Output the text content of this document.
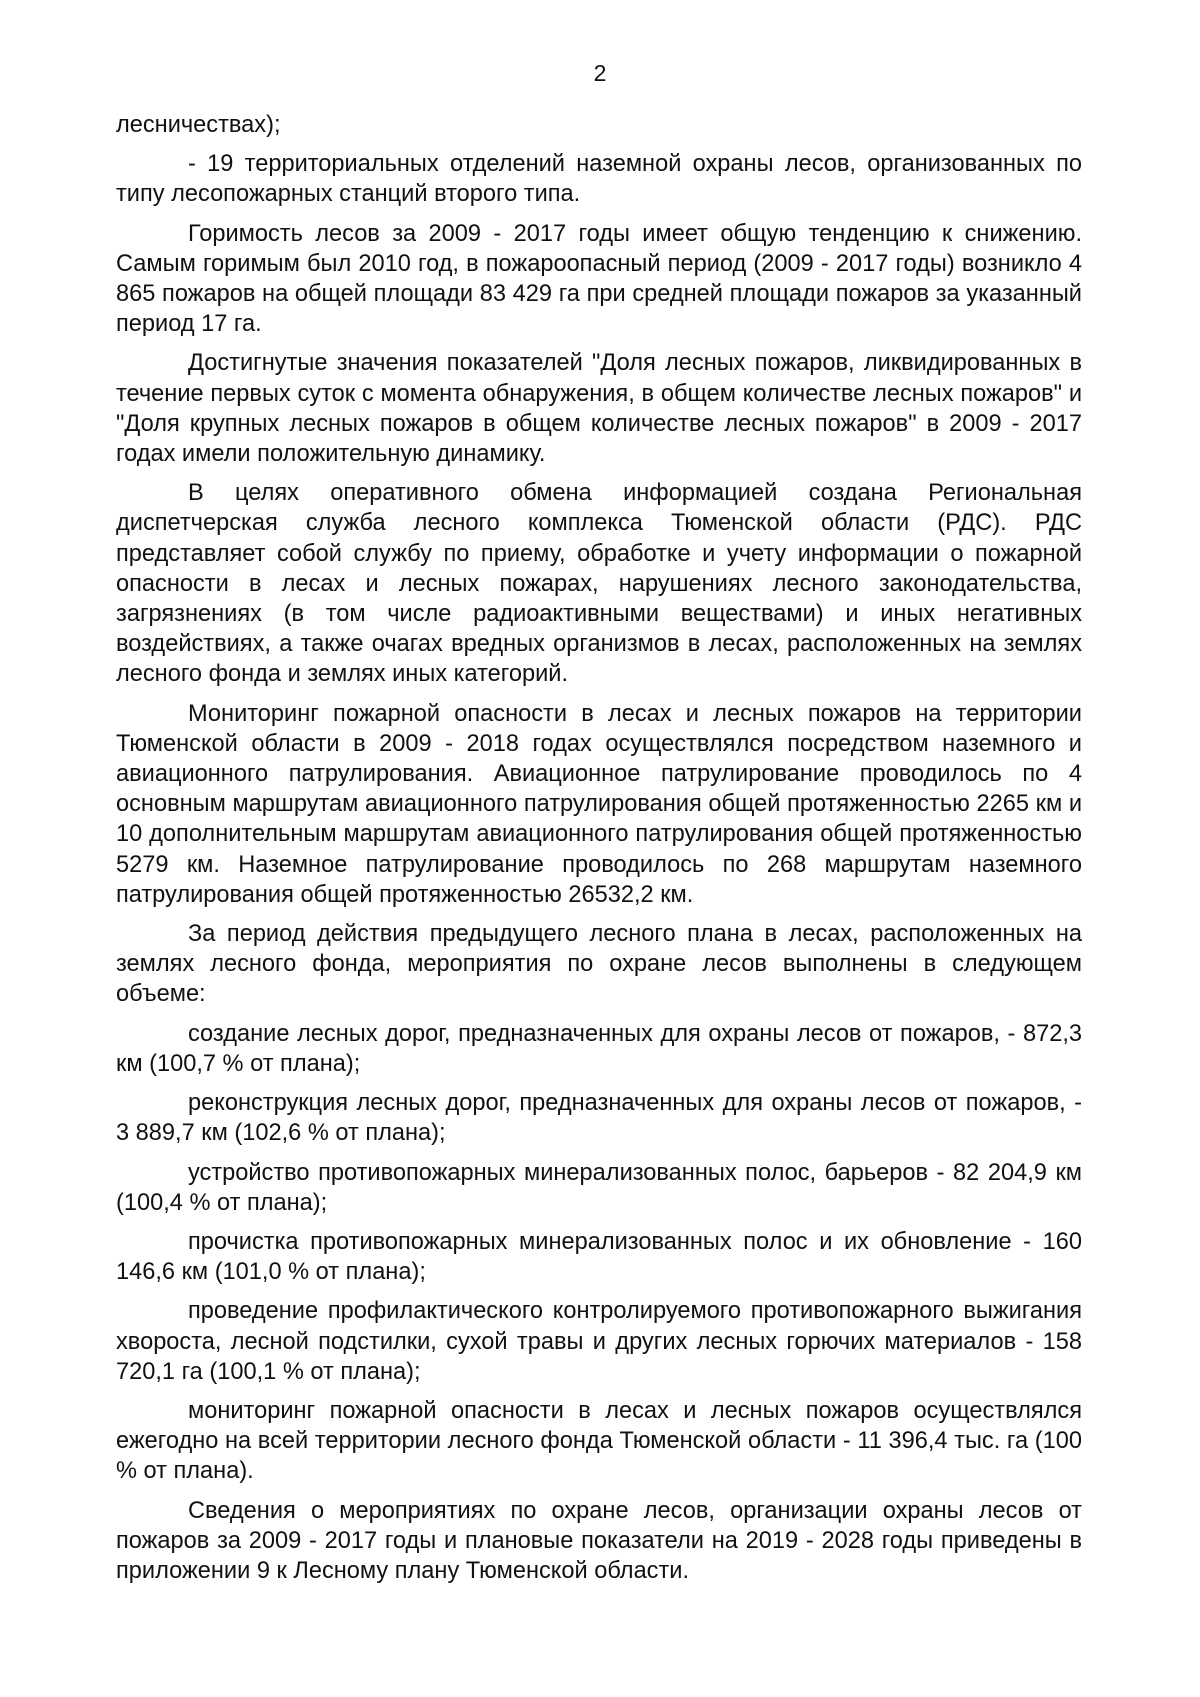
2

лесничествах);

- 19 территориальных отделений наземной охраны лесов, организованных по типу лесопожарных станций второго типа.

Горимость лесов за 2009 - 2017 годы имеет общую тенденцию к снижению. Самым горимым был 2010 год, в пожароопасный период (2009 - 2017 годы) возникло 4 865 пожаров на общей площади 83 429 га при средней площади пожаров за указанный период 17 га.

Достигнутые значения показателей "Доля лесных пожаров, ликвидированных в течение первых суток с момента обнаружения, в общем количестве лесных пожаров" и "Доля крупных лесных пожаров в общем количестве лесных пожаров" в 2009 - 2017 годах имели положительную динамику.

В целях оперативного обмена информацией создана Региональная диспетчерская служба лесного комплекса Тюменской области (РДС). РДС представляет собой службу по приему, обработке и учету информации о пожарной опасности в лесах и лесных пожарах, нарушениях лесного законодательства, загрязнениях (в том числе радиоактивными веществами) и иных негативных воздействиях, а также очагах вредных организмов в лесах, расположенных на землях лесного фонда и землях иных категорий.

Мониторинг пожарной опасности в лесах и лесных пожаров на территории Тюменской области в 2009 - 2018 годах осуществлялся посредством наземного и авиационного патрулирования. Авиационное патрулирование проводилось по 4 основным маршрутам авиационного патрулирования общей протяженностью 2265 км и 10 дополнительным маршрутам авиационного патрулирования общей протяженностью 5279 км. Наземное патрулирование проводилось по 268 маршрутам наземного патрулирования общей протяженностью 26532,2 км.

За период действия предыдущего лесного плана в лесах, расположенных на землях лесного фонда, мероприятия по охране лесов выполнены в следующем объеме:

создание лесных дорог, предназначенных для охраны лесов от пожаров, - 872,3 км (100,7 % от плана);

реконструкция лесных дорог, предназначенных для охраны лесов от пожаров, - 3 889,7 км (102,6 % от плана);

устройство противопожарных минерализованных полос, барьеров - 82 204,9 км (100,4 % от плана);

прочистка противопожарных минерализованных полос и их обновление - 160 146,6 км (101,0 % от плана);

проведение профилактического контролируемого противопожарного выжигания хвороста, лесной подстилки, сухой травы и других лесных горючих материалов - 158 720,1 га (100,1 % от плана);

мониторинг пожарной опасности в лесах и лесных пожаров осуществлялся ежегодно на всей территории лесного фонда Тюменской области - 11 396,4 тыс. га (100 % от плана).

Сведения о мероприятиях по охране лесов, организации охраны лесов от пожаров за 2009 - 2017 годы и плановые показатели на 2019 - 2028 годы приведены в приложении 9 к Лесному плану Тюменской области.
